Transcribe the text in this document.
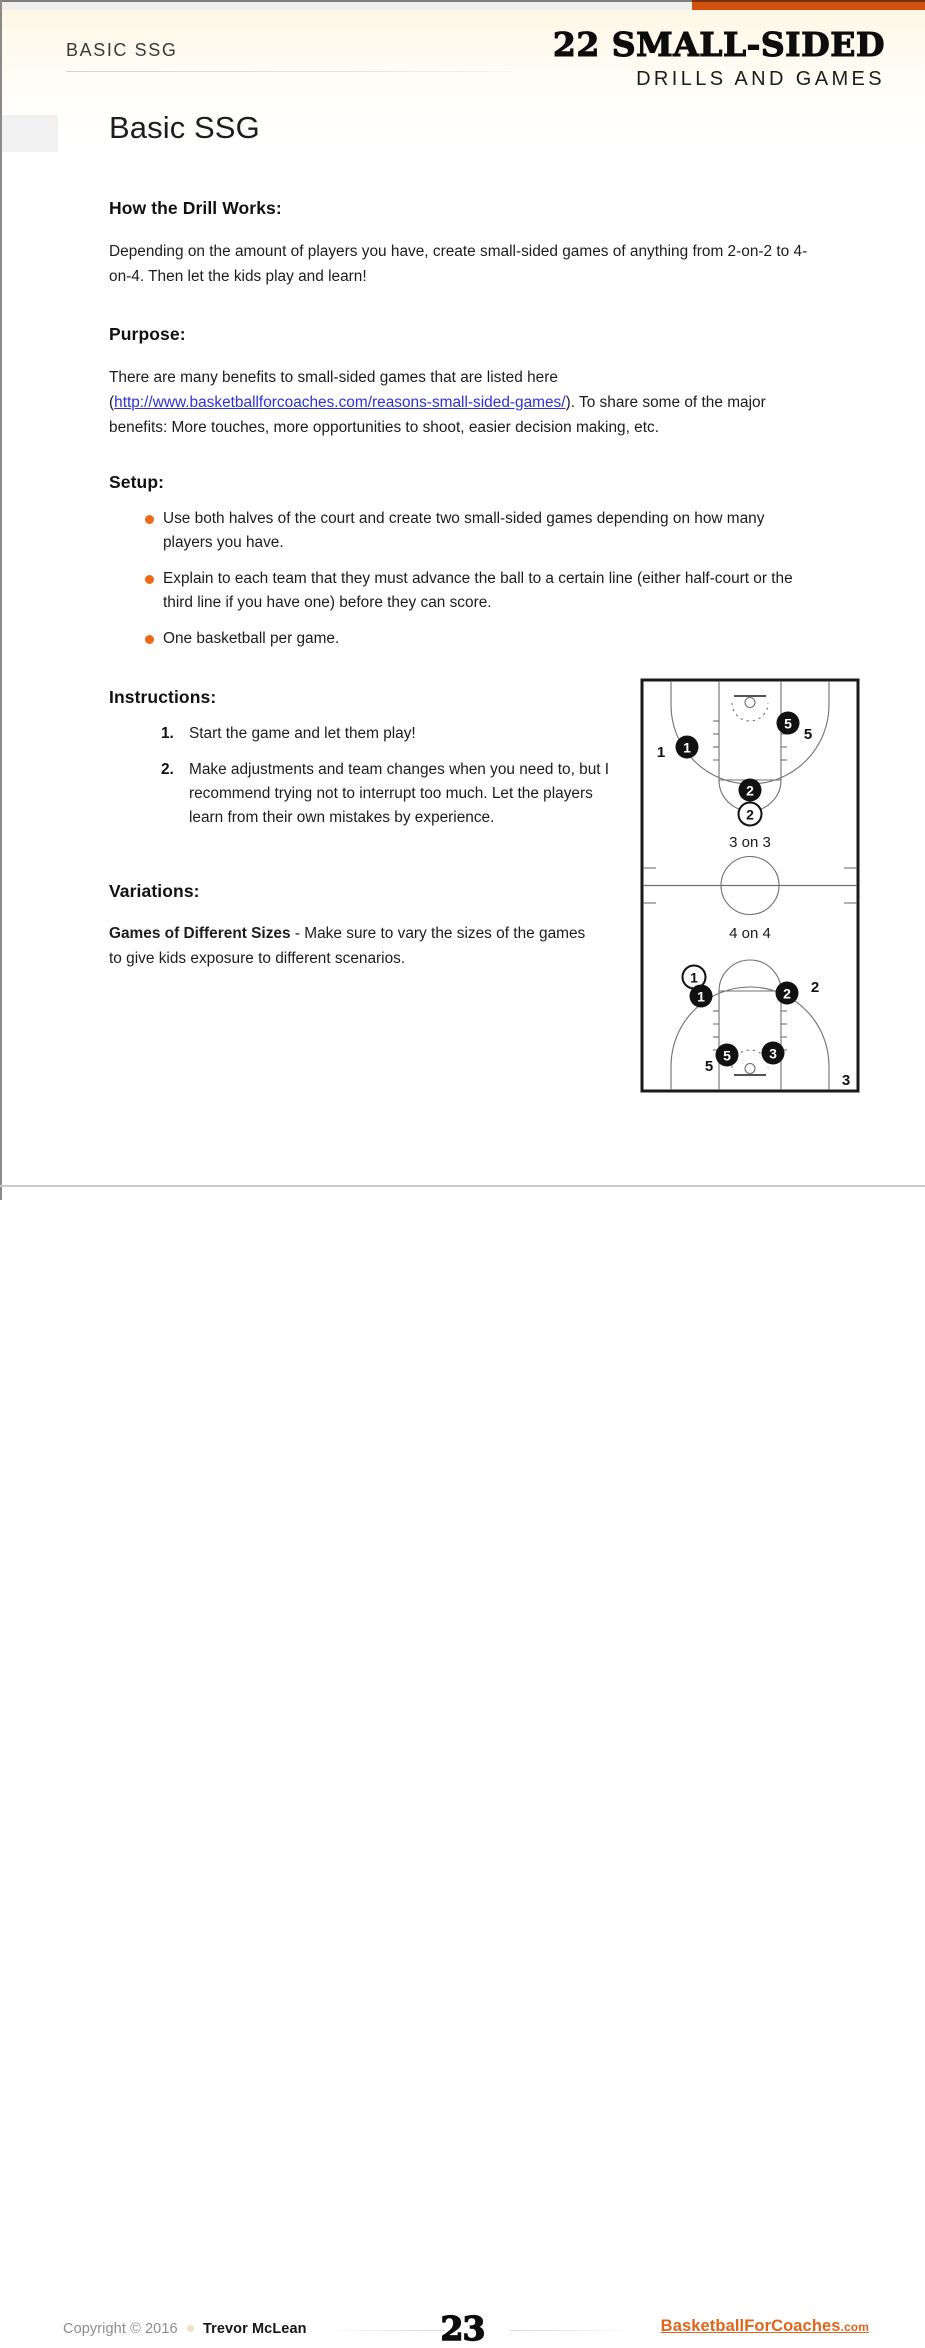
BASIC SSG	22 SMALL-SIDED
DRILLS AND GAMES
Basic SSG
How the Drill Works:

Depending on the amount of players you have, create small-sided games of anything from 2-on-2 to 4-on-4. Then let the kids play and learn!

Purpose:

There are many benefits to small-sided games that are listed here (http://www.basketballforcoaches.com/reasons-small-sided-games/). To share some of the major benefits: More touches, more opportunities to shoot, easier decision making, etc.

Setup:
Use both halves of the court and create two small-sided games depending on how many players you have.
Explain to each team that they must advance the ball to a certain line (either half-court or the third line if you have one) before they can score.
One basketball per game.
Instructions:
1. Start the game and let them play!
2. Make adjustments and team changes when you need to, but I recommend trying not to interrupt too much. Let the players learn from their own mistakes by experience.
Variations:

Games of Different Sizes - Make sure to vary the sizes of the games to give kids exposure to different scenarios.

1
5
2
2
1
5
3 on 3
4 on 4
1
1	2
5	3
2
5
3
Copyright © 2016 Trevor McLean	23	BasketballForCoaches.com
